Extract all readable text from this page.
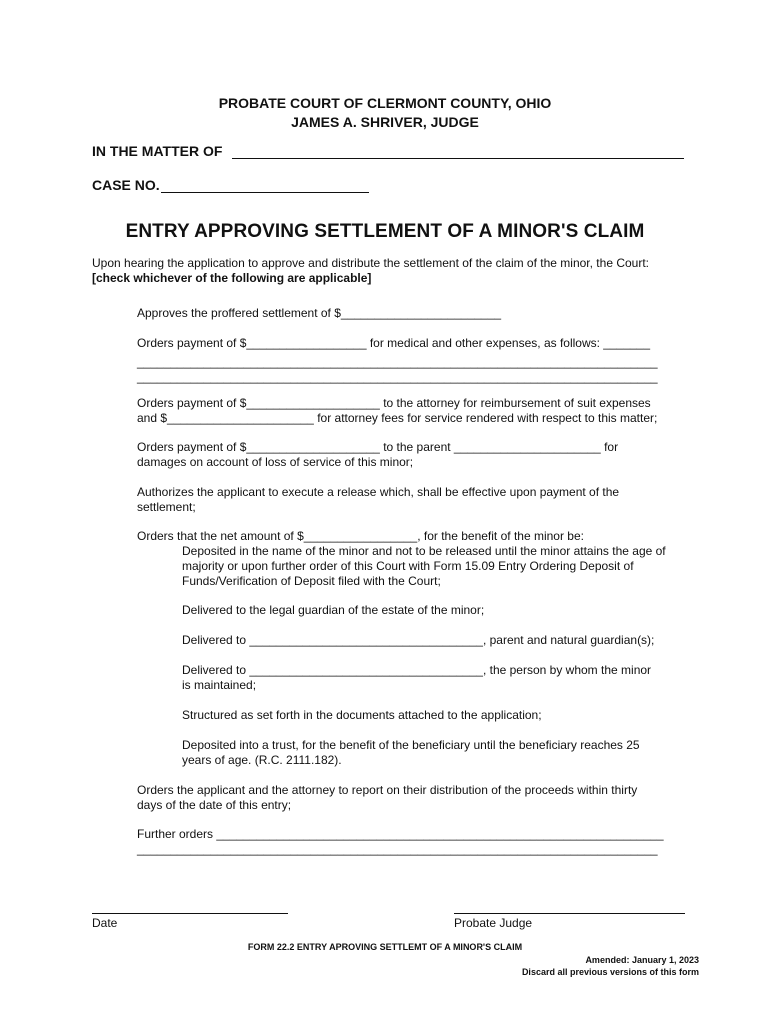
PROBATE COURT OF CLERMONT COUNTY, OHIO
JAMES A. SHRIVER, JUDGE
IN THE MATTER OF
CASE NO.
ENTRY APPROVING SETTLEMENT OF A MINOR'S CLAIM
Upon hearing the application to approve and distribute the settlement of the claim of the minor, the Court:
[check whichever of the following are applicable]
Approves the proffered settlement of $________________________
Orders payment of $__________________ for medical and other expenses, as follows: _______
______________________________________________________________________________
______________________________________________________________________________
Orders payment of $____________________ to the attorney for reimbursement of suit expenses
and $______________________ for attorney fees for service rendered with respect to this matter;
Orders payment of $____________________ to the parent ______________________ for
damages on account of loss of service of this minor;
Authorizes the applicant to execute a release which, shall be effective upon payment of the
settlement;
Orders that the net amount of $_________________, for the benefit of the minor be:
Deposited in the name of the minor and not to be released until the minor attains the age of
majority or upon further order of this Court with Form 15.09 Entry Ordering Deposit of
Funds/Verification of Deposit filed with the Court;
Delivered to the legal guardian of the estate of the minor;
Delivered to ___________________________________, parent and natural guardian(s);
Delivered to ___________________________________, the person by whom the minor
is maintained;
Structured as set forth in the documents attached to the application;
Deposited into a trust, for the benefit of the beneficiary until the beneficiary reaches 25
years of age. (R.C. 2111.182).
Orders the applicant and the attorney to report on their distribution of the proceeds within thirty
days of the date of this entry;
Further orders ___________________________________________________________________
______________________________________________________________________________
Date	Probate Judge
FORM 22.2 ENTRY APROVING SETTLEMT OF A MINOR'S CLAIM
Amended: January 1, 2023
Discard all previous versions of this form
